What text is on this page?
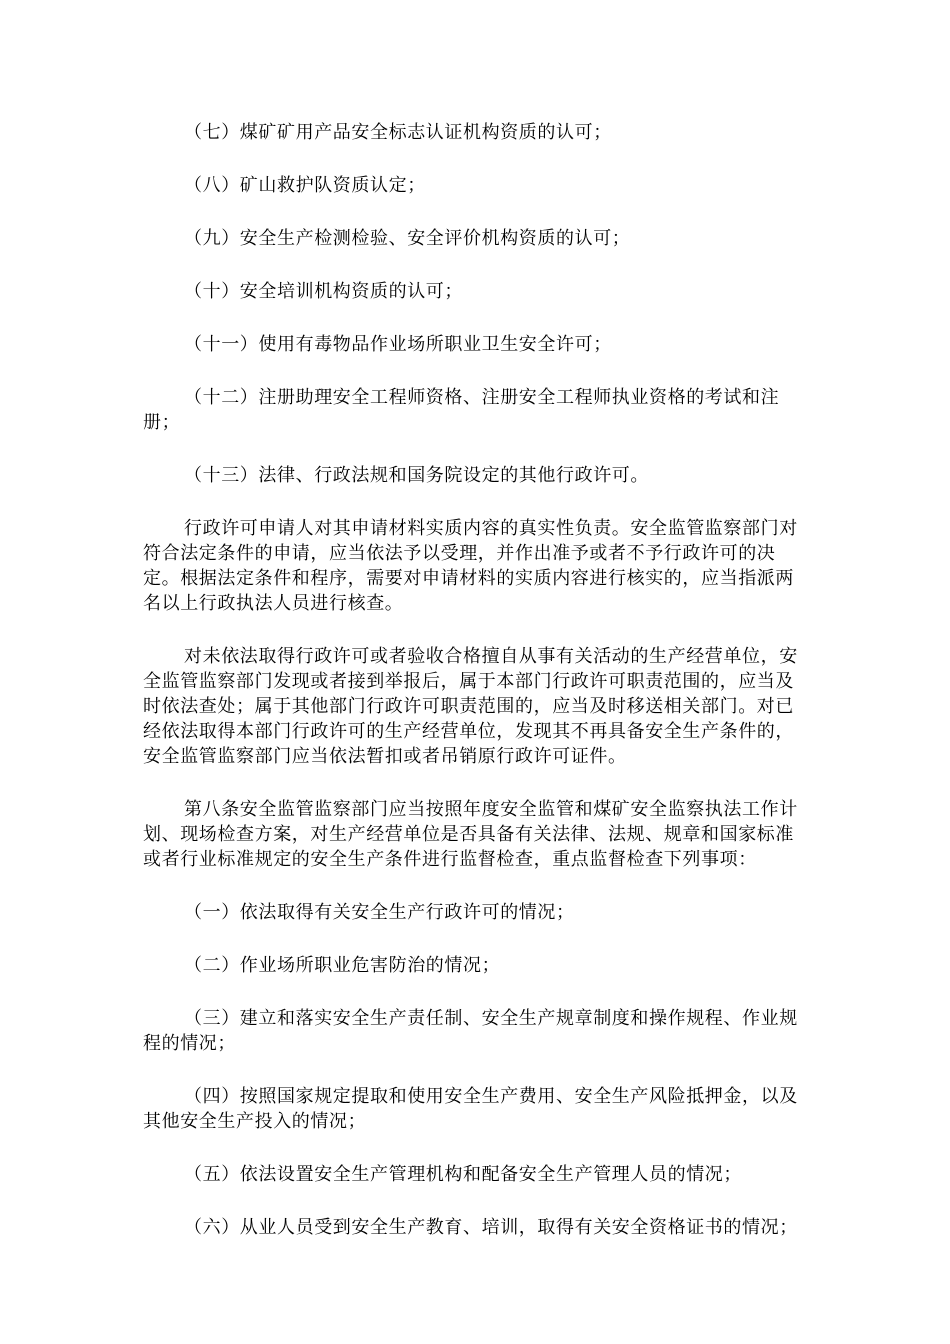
（七）煤矿矿用产品安全标志认证机构资质的认可；

（八）矿山救护队资质认定；

（九）安全生产检测检验、安全评价机构资质的认可；

（十）安全培训机构资质的认可；

（十一）使用有毒物品作业场所职业卫生安全许可；

（十二）注册助理安全工程师资格、注册安全工程师执业资格的考试和注册；

（十三）法律、行政法规和国务院设定的其他行政许可。

行政许可申请人对其申请材料实质内容的真实性负责。安全监管监察部门对符合法定条件的申请，应当依法予以受理，并作出准予或者不予行政许可的决定。根据法定条件和程序，需要对申请材料的实质内容进行核实的，应当指派两名以上行政执法人员进行核查。

对未依法取得行政许可或者验收合格擅自从事有关活动的生产经营单位，安全监管监察部门发现或者接到举报后，属于本部门行政许可职责范围的，应当及时依法查处；属于其他部门行政许可职责范围的，应当及时移送相关部门。对已经依法取得本部门行政许可的生产经营单位，发现其不再具备安全生产条件的，安全监管监察部门应当依法暂扣或者吊销原行政许可证件。

第八条安全监管监察部门应当按照年度安全监管和煤矿安全监察执法工作计划、现场检查方案，对生产经营单位是否具备有关法律、法规、规章和国家标准或者行业标准规定的安全生产条件进行监督检查，重点监督检查下列事项：

（一）依法取得有关安全生产行政许可的情况；

（二）作业场所职业危害防治的情况；

（三）建立和落实安全生产责任制、安全生产规章制度和操作规程、作业规程的情况；

（四）按照国家规定提取和使用安全生产费用、安全生产风险抵押金，以及其他安全生产投入的情况；

（五）依法设置安全生产管理机构和配备安全生产管理人员的情况；

（六）从业人员受到安全生产教育、培训，取得有关安全资格证书的情况；
